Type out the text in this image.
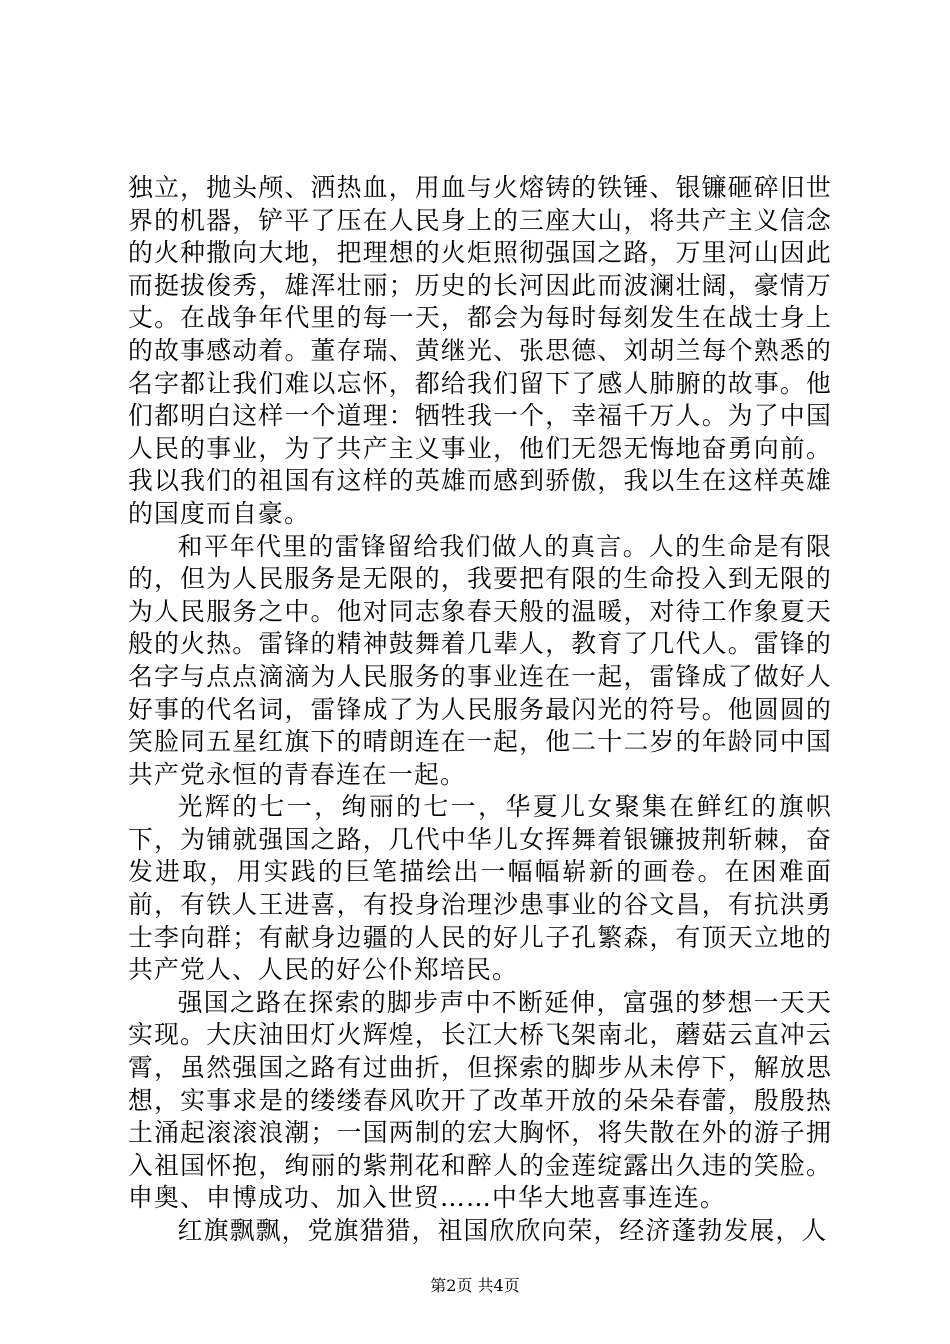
独立，抛头颅、洒热血，用血与火熔铸的铁锤、银镰砸碎旧世界的机器，铲平了压在人民身上的三座大山，将共产主义信念的火种撒向大地，把理想的火炬照彻强国之路，万里河山因此而挺拔俊秀，雄浑壮丽；历史的长河因此而波澜壮阔，豪情万丈。在战争年代里的每一天，都会为每时每刻发生在战士身上的故事感动着。董存瑞、黄继光、张思德、刘胡兰每个熟悉的名字都让我们难以忘怀，都给我们留下了感人肺腑的故事。他们都明白这样一个道理：牺牲我一个，幸福千万人。为了中国人民的事业，为了共产主义事业，他们无怨无悔地奋勇向前。我以我们的祖国有这样的英雄而感到骄傲，我以生在这样英雄的国度而自豪。

和平年代里的雷锋留给我们做人的真言。人的生命是有限的，但为人民服务是无限的，我要把有限的生命投入到无限的为人民服务之中。他对同志象春天般的温暖，对待工作象夏天般的火热。雷锋的精神鼓舞着几辈人，教育了几代人。雷锋的名字与点点滴滴为人民服务的事业连在一起，雷锋成了做好人好事的代名词，雷锋成了为人民服务最闪光的符号。他圆圆的笑脸同五星红旗下的晴朗连在一起，他二十二岁的年龄同中国共产党永恒的青春连在一起。

光辉的七一，绚丽的七一，华夏儿女聚集在鲜红的旗帜下，为铺就强国之路，几代中华儿女挥舞着银镰披荆斩棘，奋发进取，用实践的巨笔描绘出一幅幅崭新的画卷。在困难面前，有铁人王进喜，有投身治理沙患事业的谷文昌，有抗洪勇士李向群；有献身边疆的人民的好儿子孔繁森，有顶天立地的共产党人、人民的好公仆郑培民。

强国之路在探索的脚步声中不断延伸，富强的梦想一天天实现。大庆油田灯火辉煌，长江大桥飞架南北，蘑菇云直冲云霄，虽然强国之路有过曲折，但探索的脚步从未停下，解放思想，实事求是的缕缕春风吹开了改革开放的朵朵春蕾，殷殷热土涌起滚滚浪潮；一国两制的宏大胸怀，将失散在外的游子拥入祖国怀抱，绚丽的紫荆花和醉人的金莲绽露出久违的笑脸。申奥、申博成功、加入世贸……中华大地喜事连连。

红旗飘飘，党旗猎猎，祖国欣欣向荣，经济蓬勃发展，人

第2页 共4页
